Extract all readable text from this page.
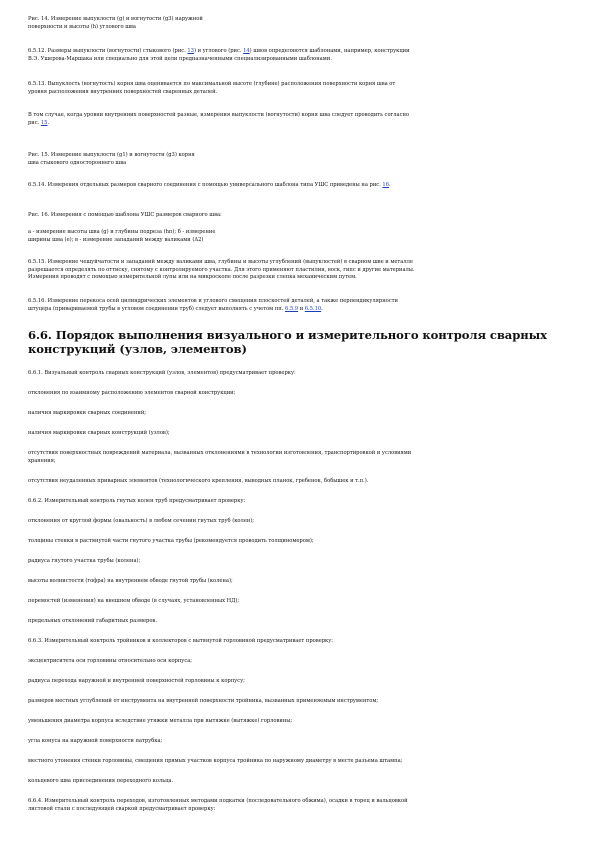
Рис. 14. Измерение выпуклости (g) и вогнутости (g3) наружной
поверхности и высоты (h) углового шва

6.5.12. Размеры выпуклости (вогнутости) стыкового (рис. 13) и углового (рис. 14) швов определяются шаблонами, например, конструкции
В.Э. Ушерова-Маршака или специально для этой цели предназначенными специализированными шаблонами.

6.5.13. Выпуклость (вогнутость) корня шва оценивается по максимальной высоте (глубине) расположения поверхности корня шва от
уровня расположения внутренних поверхностей сваренных деталей.

В том случае, когда уровни внутренних поверхностей разные, измерения выпуклости (вогнутости) корня шва следует проводить согласно
рис. 15.

Рис. 15. Измерение выпуклости (g1) и вогнутости (g3) корня
шва стыкового одностороннего шва

6.5.14. Измерения отдельных размеров сварного соединения с помощью универсального шаблона типа УШС приведены на рис. 16.

Рис. 16. Измерения с помощью шаблона УШС размеров сварного шва:

а - измерение высоты шва (g) и глубины подреза (hп); б - измерение
ширины шва (е); в - измерение западаний между валиками (Δ2)

6.5.15. Измерение чешуйчатости и западаний между валиками шва, глубины и высоты углублений (выпуклостей) в сварном шве и металле
разрешается определять по оттиску, снятому с контролируемого участка. Для этого применяют пластилин, воск, гипс и другие материалы.
Измерения проводят с помощью измерительной лупы или на микроскопе после разрезки слепка механическим путем.

6.5.16. Измерение перекоса осей цилиндрических элементов и углового смещения плоскостей деталей, а также перпендикулярности
штуцера (привариваемой трубы в угловом соединении труб) следует выполнять с учетом пп. 6.5.9 и 6.5.10.

6.6. Порядок выполнения визуального и измерительного контроля сварных конструкций (узлов, элементов)

6.6.1. Визуальный контроль сварных конструкций (узлов, элементов) предусматривает проверку:

отклонения по взаимному расположению элементов сварной конструкции;

наличия маркировки сварных соединений;

наличия маркировки сварных конструкций (узлов);

отсутствия поверхностных повреждений материала, вызванных отклонениями в технологии изготовления, транспортировкой и условиями
хранения;

отсутствия неудаленных приварных элементов (технологического крепления, выводных планок, гребенок, бобышек и т.п.).

6.6.2. Измерительный контроль гнутых колен труб предусматривает проверку:

отклонения от круглой формы (овальность) в любом сечении гнутых труб (колен);

толщины стенки в растянутой части гнутого участка трубы (рекомендуется проводить толщиномером);

радиуса гнутого участка трубы (колена);

высоты волнистости (гофра) на внутреннем обводе гнутой трубы (колена);

перемостей (изменения) на внешнем обводе (в случаях, установленных НД);

предельных отклонений габаритных размеров.

6.6.3. Измерительный контроль тройников и коллекторов с вытянутой горловиной предусматривает проверку:

эксцентриситета оси горловины относительно оси корпуса;

радиуса перехода наружной и внутренней поверхностей горловины к корпусу;

размеров местных углублений от инструмента на внутренней поверхности тройника, вызванных применяемым инструментом;

уменьшения диаметра корпуса вследствие утяжки металла при вытяжке (вытяжке) горловины;

угла конуса на наружной поверхности патрубка;

местного утонения стенки горловины, смещения прямых участков корпуса тройника по наружному диаметру в месте разъема штампа;

кольцевого шва присоединения переходного кольца.

6.6.4. Измерительный контроль переходов, изготовленных методами подкатки (последовательного обжима), осадки в торец и вальцовкой
листовой стали с последующей сваркой предусматривает проверку:
